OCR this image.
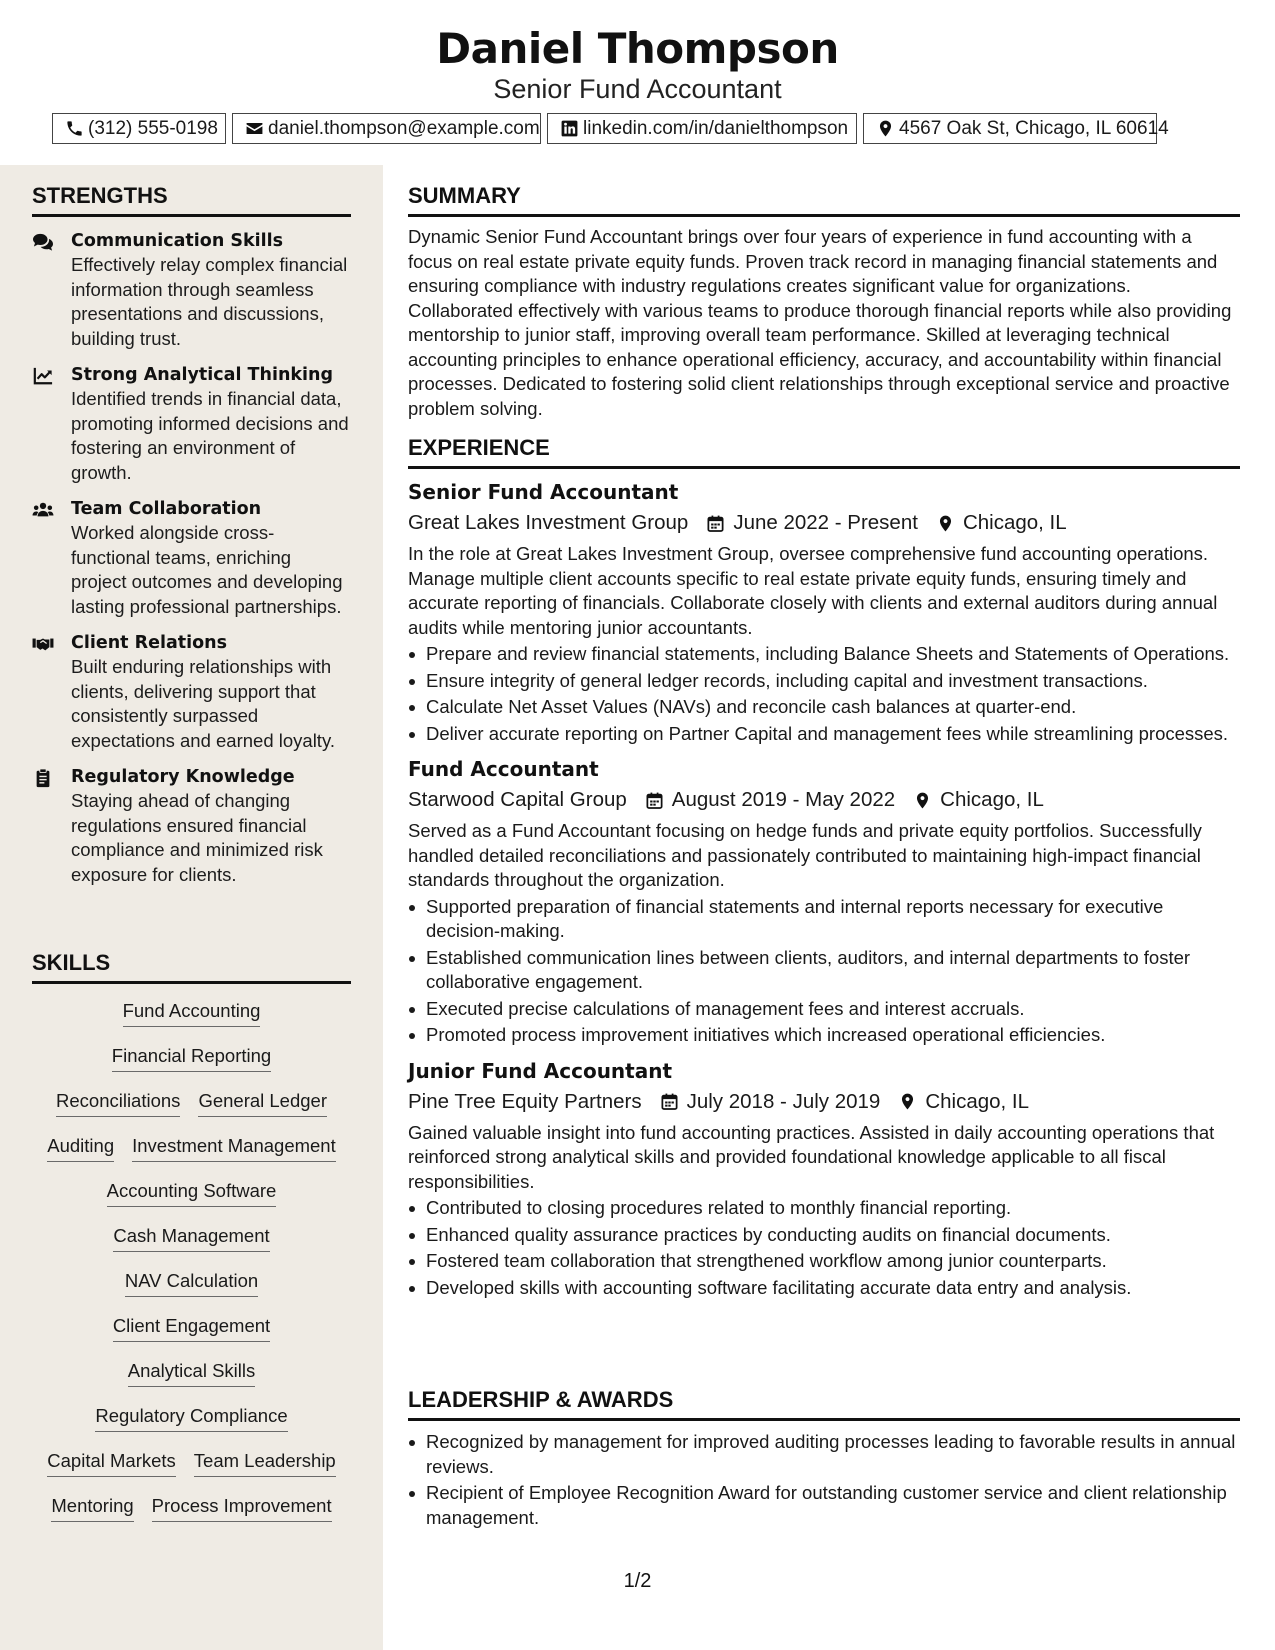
Daniel Thompson
Senior Fund Accountant
(312) 555-0198	daniel.thompson@example.com linkedin.com/in/danielthompson	4567 Oak St, Chicago, IL 60614
STRENGTHS
Communication Skills
Effectively relay complex financial information through seamless presentations and discussions, building trust.
Strong Analytical Thinking
Identified trends in financial data, promoting informed decisions and fostering an environment of growth.
Team Collaboration
Worked alongside cross-functional teams, enriching project outcomes and developing lasting professional partnerships.
Client Relations
Built enduring relationships with clients, delivering support that consistently surpassed expectations and earned loyalty.
Regulatory Knowledge
Staying ahead of changing regulations ensured financial compliance and minimized risk exposure for clients.
SKILLS
Fund Accounting
Financial Reporting
Reconciliations General Ledger
Auditing Investment Management
Accounting Software
Cash Management
NAV Calculation
Client Engagement
Analytical Skills
Regulatory Compliance
Capital Markets Team Leadership
Mentoring Process Improvement
SUMMARY
Dynamic Senior Fund Accountant brings over four years of experience in fund accounting with a focus on real estate private equity funds. Proven track record in managing financial statements and ensuring compliance with industry regulations creates significant value for organizations. Collaborated effectively with various teams to produce thorough financial reports while also providing mentorship to junior staff, improving overall team performance. Skilled at leveraging technical accounting principles to enhance operational efficiency, accuracy, and accountability within financial processes. Dedicated to fostering solid client relationships through exceptional service and proactive problem solving.
EXPERIENCE
Senior Fund Accountant
Great Lakes Investment Group June 2022 - Present Chicago, IL
In the role at Great Lakes Investment Group, oversee comprehensive fund accounting operations. Manage multiple client accounts specific to real estate private equity funds, ensuring timely and accurate reporting of financials. Collaborate closely with clients and external auditors during annual audits while mentoring junior accountants.
Prepare and review financial statements, including Balance Sheets and Statements of Operations.
Ensure integrity of general ledger records, including capital and investment transactions.
Calculate Net Asset Values (NAVs) and reconcile cash balances at quarter-end.
Deliver accurate reporting on Partner Capital and management fees while streamlining processes.
Fund Accountant
Starwood Capital Group August 2019 - May 2022 Chicago, IL
Served as a Fund Accountant focusing on hedge funds and private equity portfolios. Successfully handled detailed reconciliations and passionately contributed to maintaining high-impact financial standards throughout the organization.
Supported preparation of financial statements and internal reports necessary for executive decision-making.
Established communication lines between clients, auditors, and internal departments to foster collaborative engagement.
Executed precise calculations of management fees and interest accruals.
Promoted process improvement initiatives which increased operational efficiencies.
Junior Fund Accountant
Pine Tree Equity Partners July 2018 - July 2019 Chicago, IL
Gained valuable insight into fund accounting practices. Assisted in daily accounting operations that reinforced strong analytical skills and provided foundational knowledge applicable to all fiscal responsibilities.
Contributed to closing procedures related to monthly financial reporting.
Enhanced quality assurance practices by conducting audits on financial documents.
Fostered team collaboration that strengthened workflow among junior counterparts.
Developed skills with accounting software facilitating accurate data entry and analysis.
LEADERSHIP & AWARDS
Recognized by management for improved auditing processes leading to favorable results in annual reviews.
Recipient of Employee Recognition Award for outstanding customer service and client relationship management.
1/2
